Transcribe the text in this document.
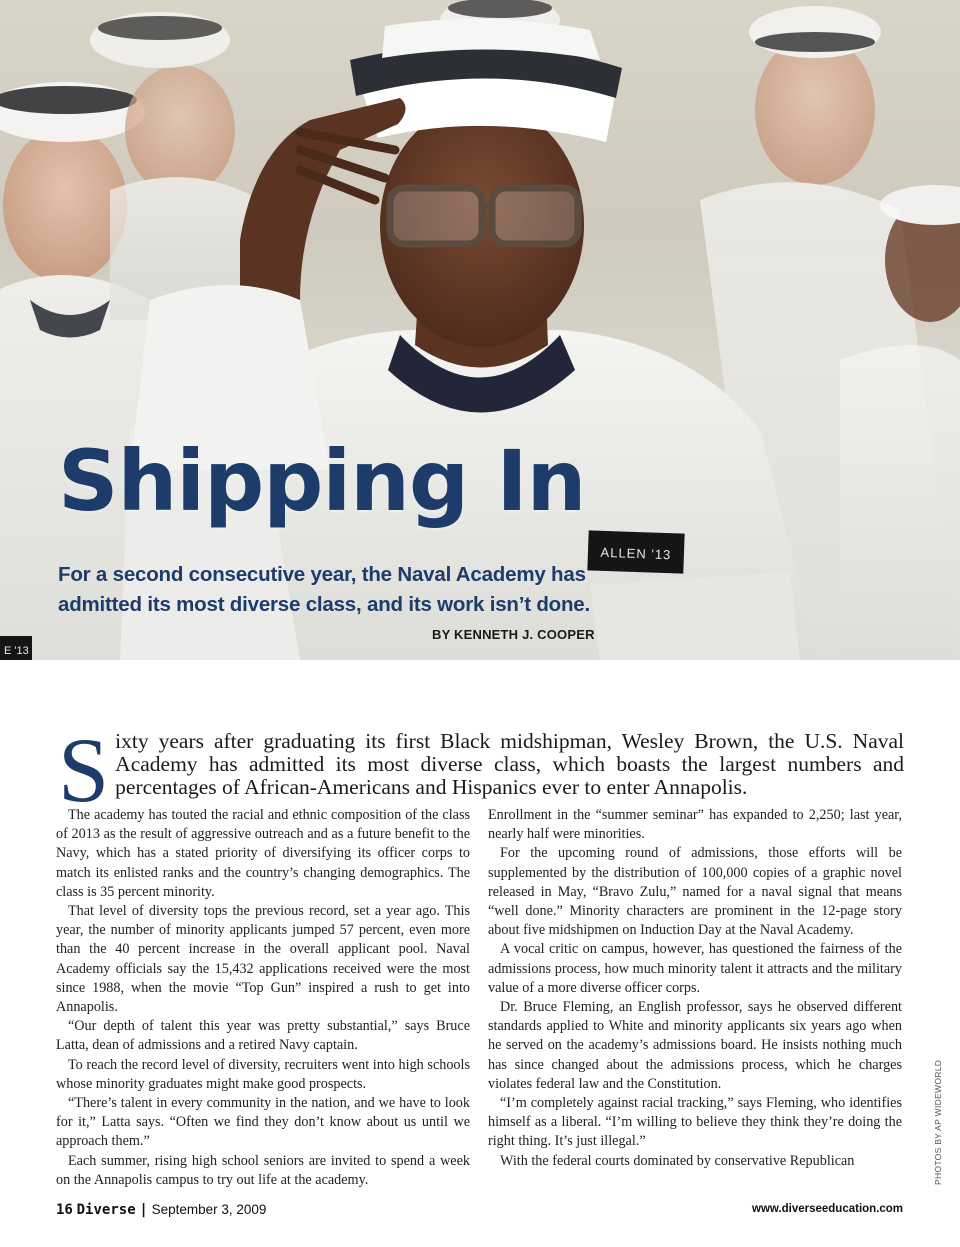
ALLEN '13
E '13
Shipping In

For a second consecutive year, the Naval Academy has admitted its most diverse class, and its work isn’t done.

BY KENNETH J. COOPER

Sixty years after graduating its first Black midshipman, Wesley Brown, the U.S. Naval Academy has admitted its most diverse class, which boasts the largest numbers and percentages of African-Americans and Hispanics ever to enter Annapolis.

The academy has touted the racial and ethnic composition of the class of 2013 as the result of aggressive outreach and as a future benefit to the Navy, which has a stated priority of diversifying its officer corps to match its enlisted ranks and the country’s changing demographics. The class is 35 percent minority.

That level of diversity tops the previous record, set a year ago. This year, the number of minority applicants jumped 57 percent, even more than the 40 percent increase in the overall applicant pool. Naval Academy officials say the 15,432 applications received were the most since 1988, when the movie “Top Gun” inspired a rush to get into Annapolis.

“Our depth of talent this year was pretty substantial,” says Bruce Latta, dean of admissions and a retired Navy captain.

To reach the record level of diversity, recruiters went into high schools whose minority graduates might make good prospects.

“There’s talent in every community in the nation, and we have to look for it,” Latta says. “Often we find they don’t know about us until we approach them.”

Each summer, rising high school seniors are invited to spend a week on the Annapolis campus to try out life at the academy.

Enrollment in the “summer seminar” has expanded to 2,250; last year, nearly half were minorities.

For the upcoming round of admissions, those efforts will be supplemented by the distribution of 100,000 copies of a graphic novel released in May, “Bravo Zulu,” named for a naval signal that means “well done.” Minority characters are prominent in the 12-page story about five midshipmen on Induction Day at the Naval Academy.

A vocal critic on campus, however, has questioned the fairness of the admissions process, how much minority talent it attracts and the military value of a more diverse officer corps.

Dr. Bruce Fleming, an English professor, says he observed different standards applied to White and minority applicants six years ago when he served on the academy’s admissions board. He insists nothing much has since changed about the admissions process, which he charges violates federal law and the Constitution.

“I’m completely against racial tracking,” says Fleming, who identifies himself as a liberal. “I’m willing to believe they think they’re doing the right thing. It’s just illegal.”

With the federal courts dominated by conservative Republican	PHOTOS BY AP WIDEWORLD

16 Diverse | September 3, 2009	www.diverseeducation.com
